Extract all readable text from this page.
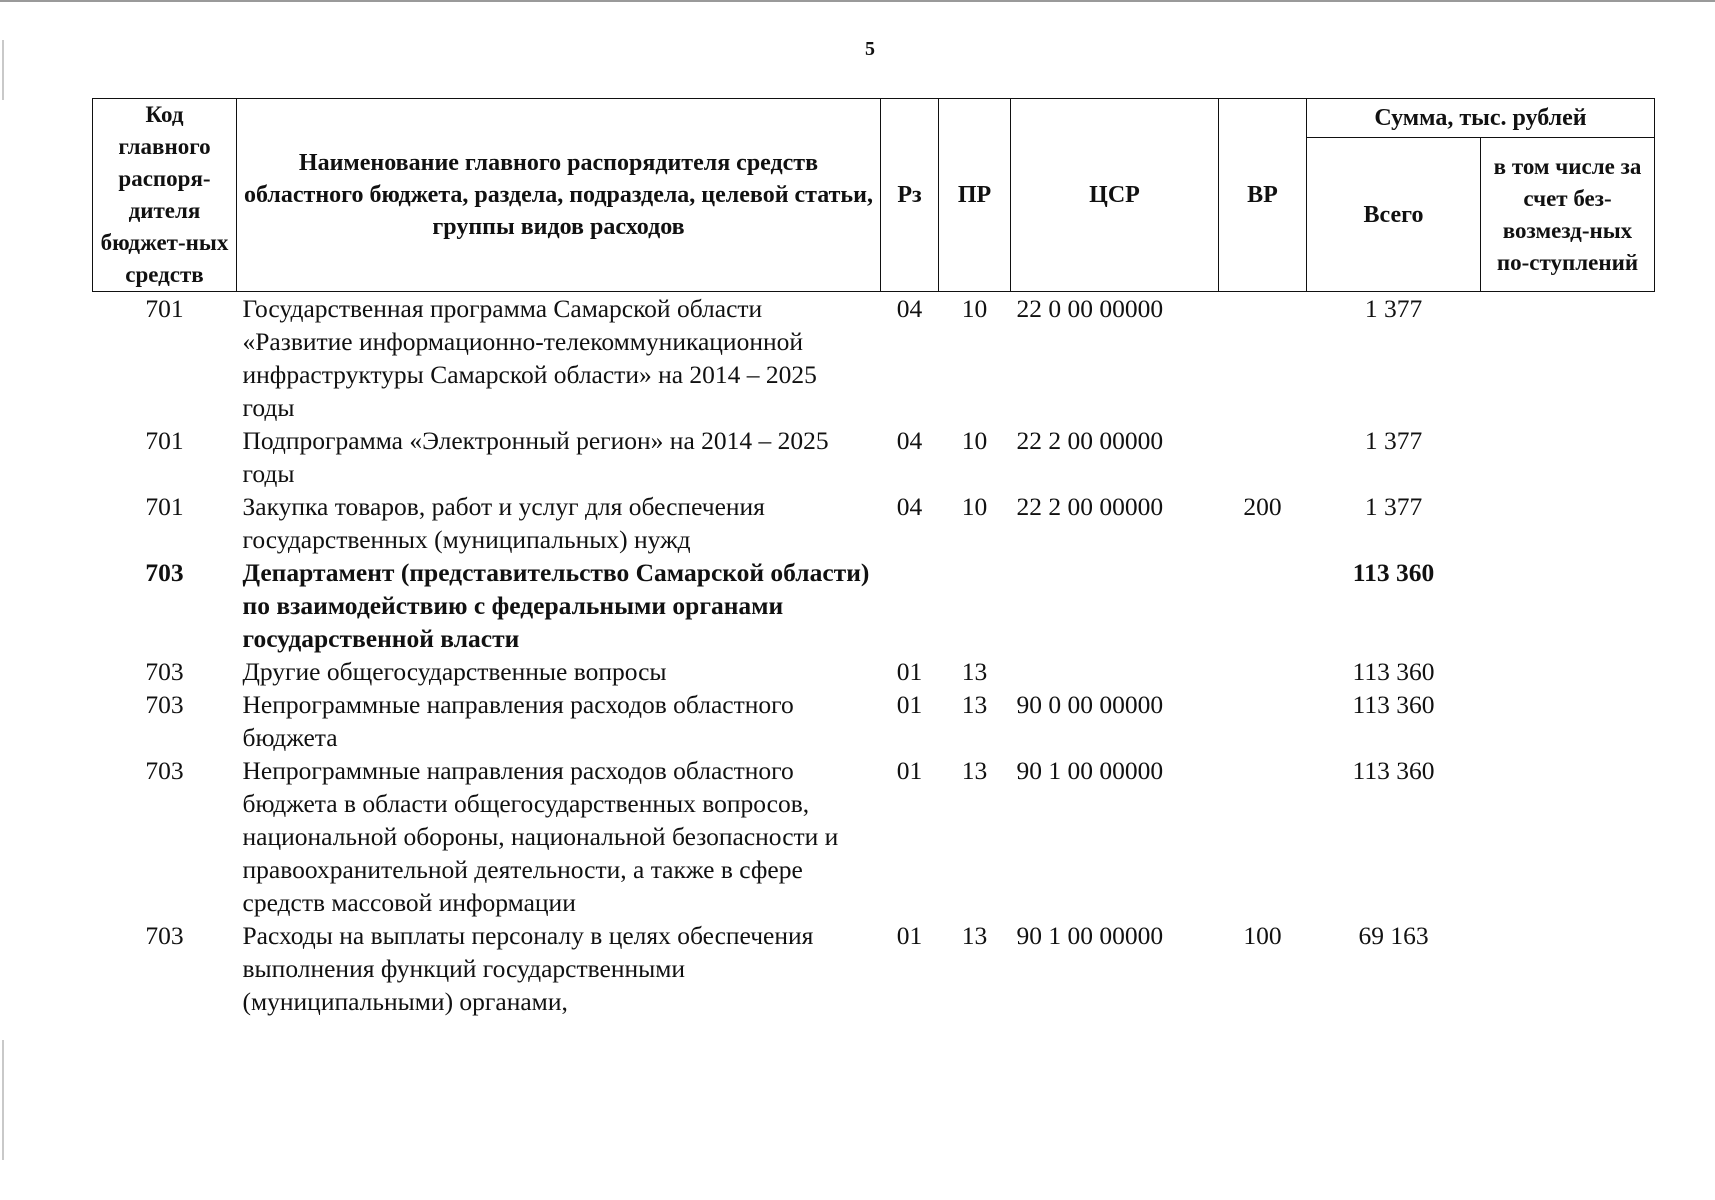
5
Код главного распоря-дителя бюджет-ных средств	Наименование главного распорядителя средств областного бюджета, раздела, подраздела, целевой статьи, группы видов расходов	Рз	ПР	ЦСР	ВР	Сумма, тыс. рублей	
						Всего	в том числе за счет без-возмезд-ных по-ступлений
701	Государственная программа Самарской области «Развитие информационно-телекоммуникационной инфраструктуры Самарской области» на 2014 – 2025 годы	04	10	22 0 00 00000		1 377	
701	Подпрограмма «Электронный регион» на 2014 – 2025 годы	04	10	22 2 00 00000		1 377	
701	Закупка товаров, работ и услуг для обеспечения государственных (муниципальных) нужд	04	10	22 2 00 00000	200	1 377	
703	Департамент (представительство Самарской области) по взаимодействию с федеральными органами государственной власти					113 360	
703	Другие общегосударственные вопросы	01	13			113 360	
703	Непрограммные направления расходов областного бюджета	01	13	90 0 00 00000		113 360	
703	Непрограммные направления расходов областного бюджета в области общегосударственных вопросов, национальной обороны, национальной безопасности и правоохранительной деятельности, а также в сфере средств массовой информации	01	13	90 1 00 00000		113 360	
703	Расходы на выплаты персоналу в целях обеспечения выполнения функций государственными (муниципальными) органами,	01	13	90 1 00 00000	100	69 163	
